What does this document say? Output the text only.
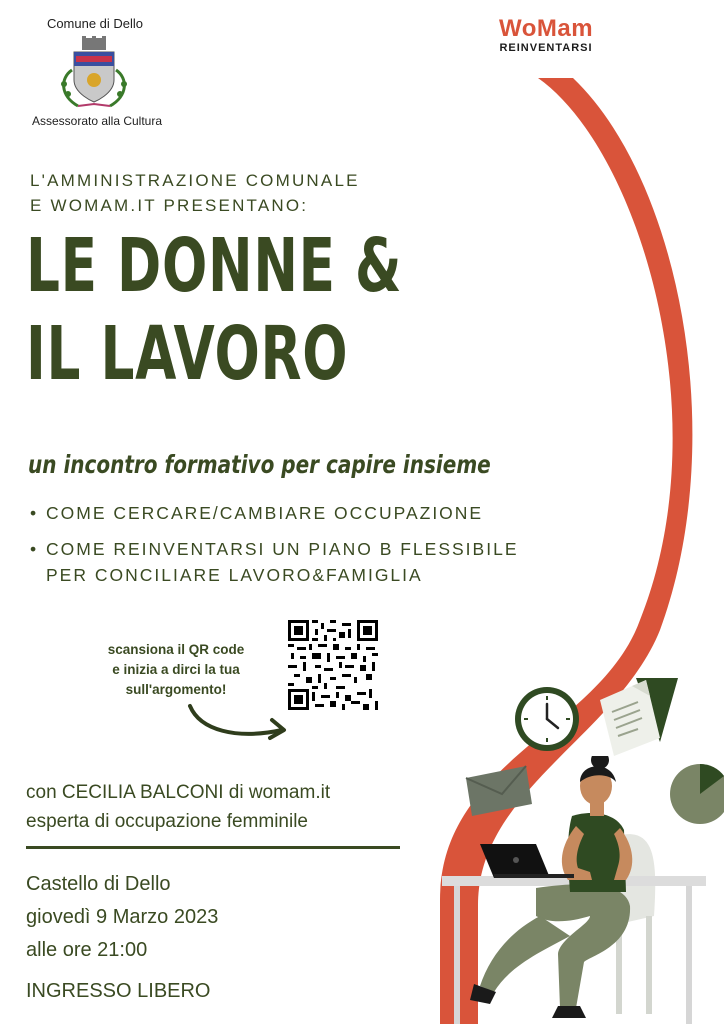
Comune di Dello
Assessorato alla Cultura
WoMam
REINVENTARSI
L'AMMINISTRAZIONE COMUNALE
E WOMAM.IT PRESENTANO:
LE DONNE &
IL LAVORO
un incontro formativo per capire insieme
• COME CERCARE/CAMBIARE OCCUPAZIONE
• COME REINVENTARSI UN PIANO B FLESSIBILE
PER CONCILIARE LAVORO&FAMIGLIA
scansiona il QR code
e inizia a dirci la tua
sull'argomento!
con CECILIA BALCONI di womam.it
esperta di occupazione femminile
Castello di Dello
giovedì 9 Marzo 2023
alle ore 21:00
INGRESSO LIBERO
